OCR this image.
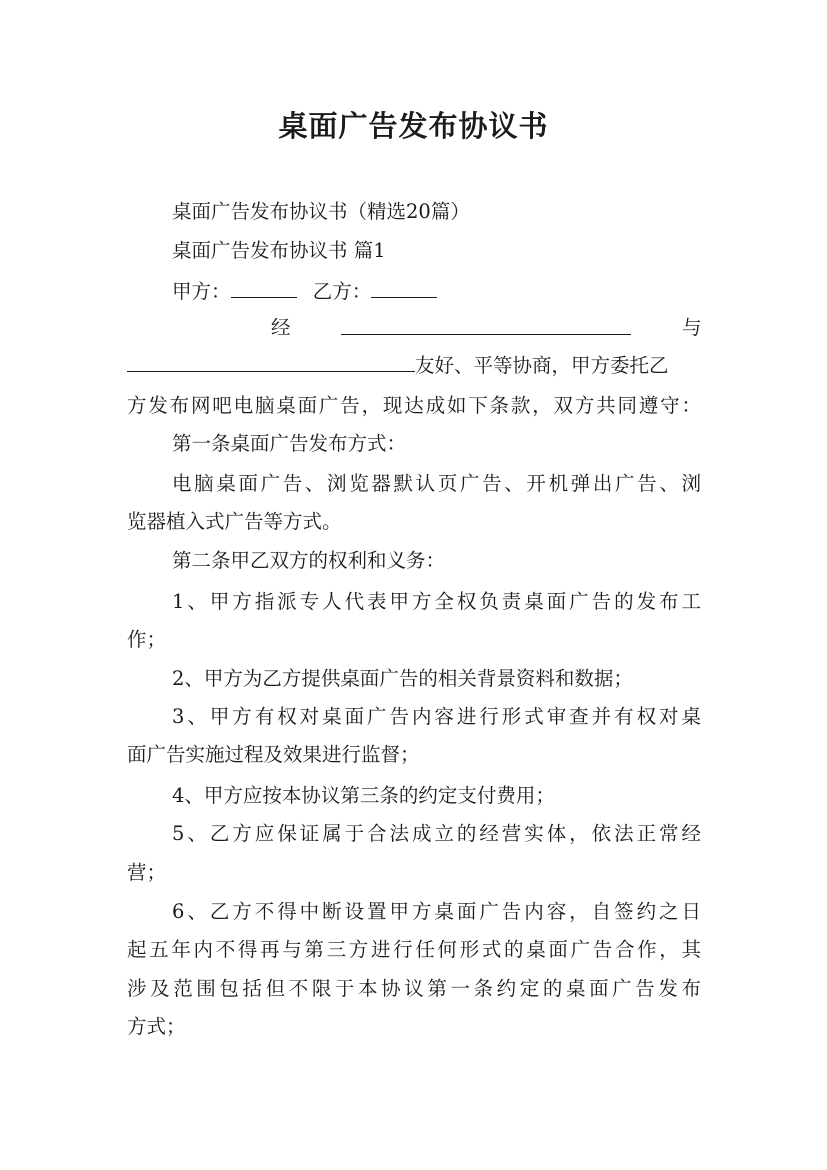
桌面广告发布协议书
桌面广告发布协议书（精选20篇）
桌面广告发布协议书 篇1
甲方：	乙方：
经	与
友好、平等协商，甲方委托乙
方发布网吧电脑桌面广告，现达成如下条款，双方共同遵守：
第一条桌面广告发布方式：
电脑桌面广告、浏览器默认页广告、开机弹出广告、浏
览器植入式广告等方式。
第二条甲乙双方的权利和义务：
1、甲方指派专人代表甲方全权负责桌面广告的发布工
作；
2、甲方为乙方提供桌面广告的相关背景资料和数据；
3、甲方有权对桌面广告内容进行形式审查并有权对桌
面广告实施过程及效果进行监督；
4、甲方应按本协议第三条的约定支付费用；
5、乙方应保证属于合法成立的经营实体，依法正常经
营；
6、乙方不得中断设置甲方桌面广告内容，自签约之日
起五年内不得再与第三方进行任何形式的桌面广告合作，其
涉及范围包括但不限于本协议第一条约定的桌面广告发布
方式；
